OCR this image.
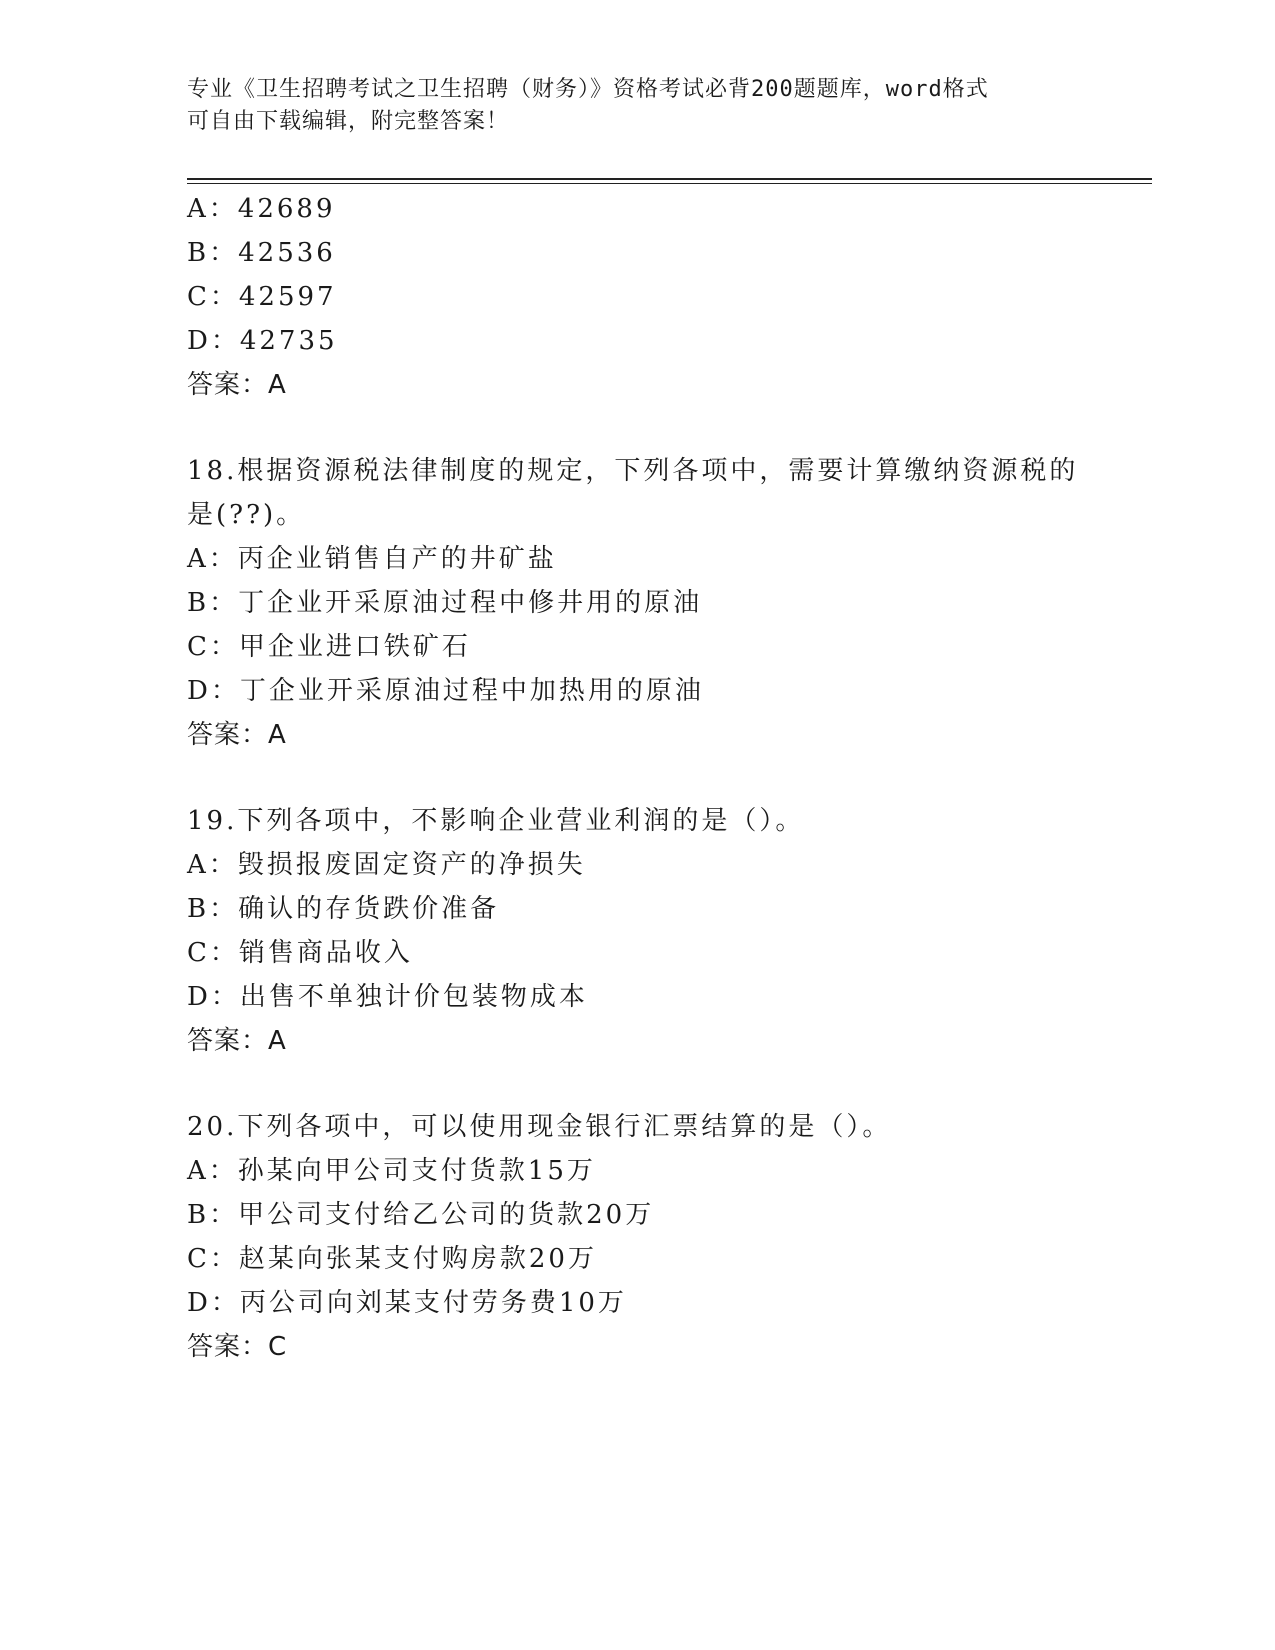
专业《卫生招聘考试之卫生招聘（财务）》资格考试必背200题题库，word格式
可自由下载编辑，附完整答案！
A：42689
B：42536
C：42597
D：42735
答案：A
18.根据资源税法律制度的规定，下列各项中，需要计算缴纳资源税的
是(??)。
A：丙企业销售自产的井矿盐
B：丁企业开采原油过程中修井用的原油
C：甲企业进口铁矿石
D：丁企业开采原油过程中加热用的原油
答案：A
19.下列各项中，不影响企业营业利润的是（）。
A：毁损报废固定资产的净损失
B：确认的存货跌价准备
C：销售商品收入
D：出售不单独计价包装物成本
答案：A
20.下列各项中，可以使用现金银行汇票结算的是（）。
A：孙某向甲公司支付货款15万
B：甲公司支付给乙公司的货款20万
C：赵某向张某支付购房款20万
D：丙公司向刘某支付劳务费10万
答案：C
